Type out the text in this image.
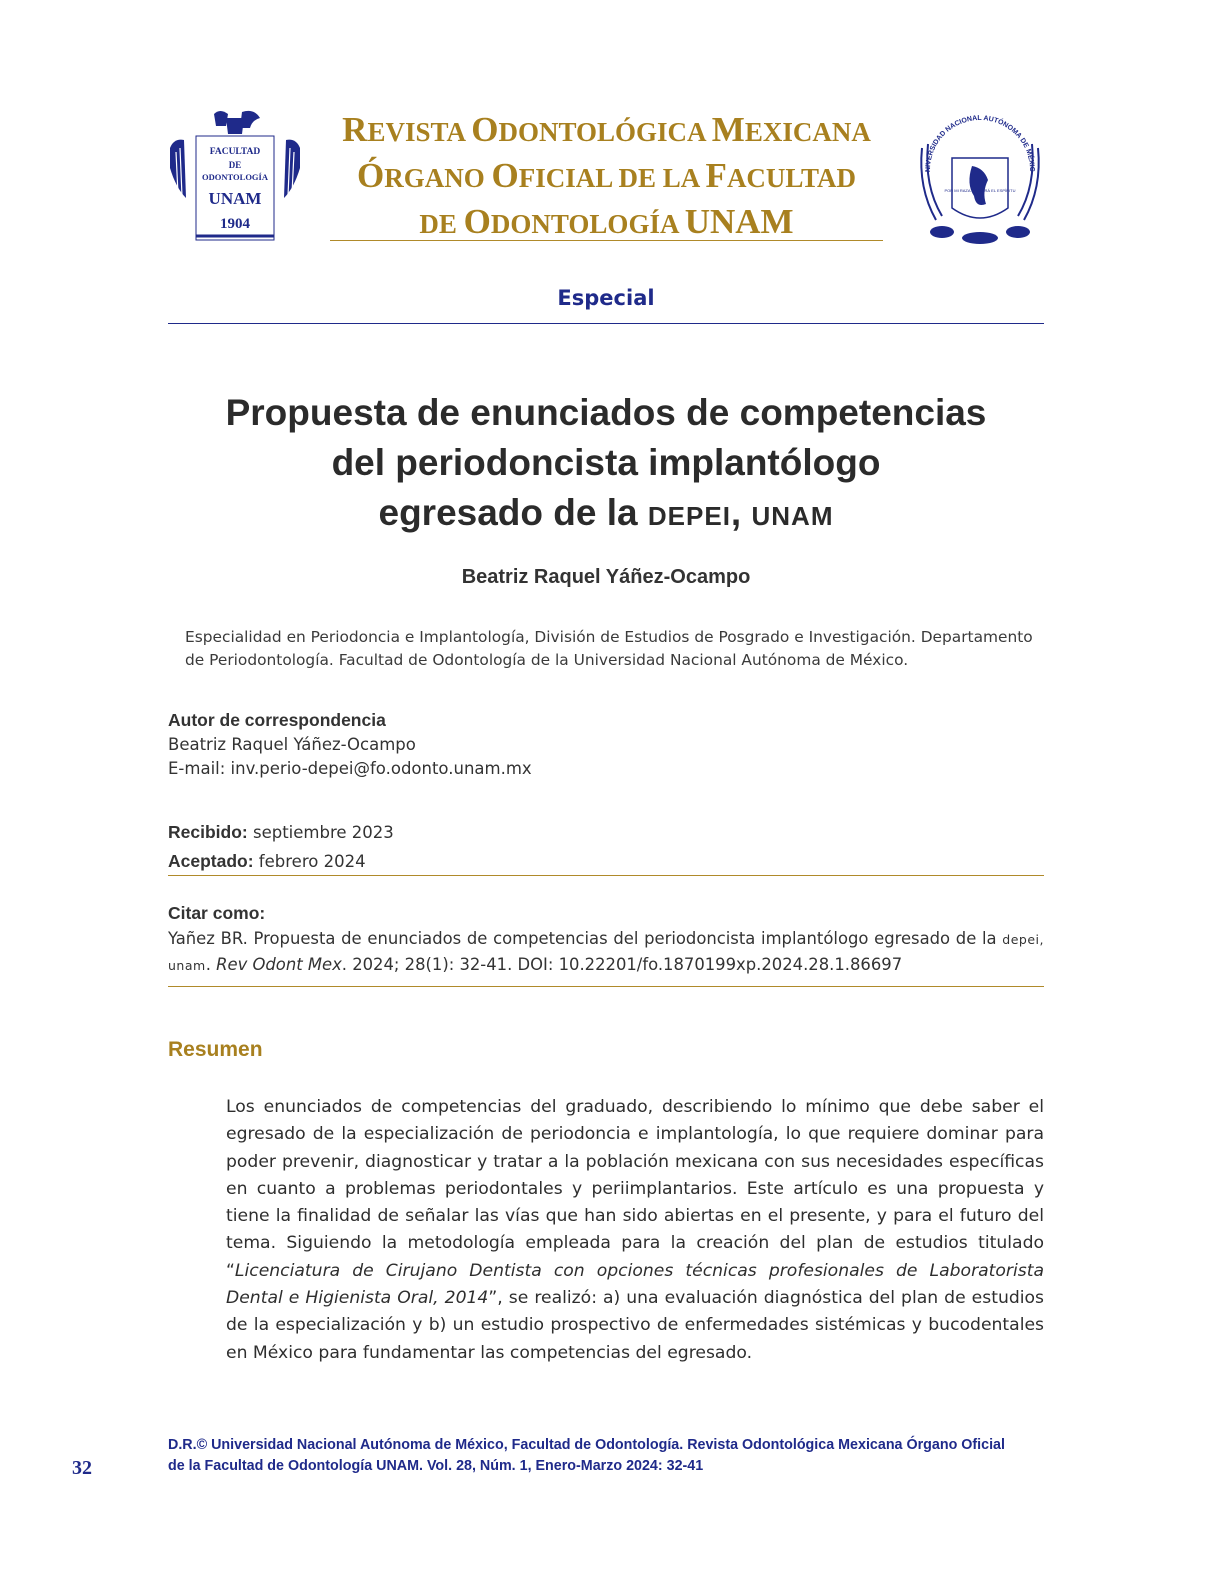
FACULTAD
DE
ODONTOLOGÍA
UNAM
1904
REVISTA ODONTOLÓGICA MEXICANA
ÓRGANO OFICIAL DE LA FACULTAD
DE ODONTOLOGÍA UNAM
NIVERSIDAD NACIONAL AUTÓNOMA DE MÉXIC
POR MI RAZA HABLARÁ EL ESPÍRITU
Especial
Propuesta de enunciados de competencias
del periodoncista implantólogo
egresado de la DEPEI, UNAM
Beatriz Raquel Yáñez-Ocampo
Especialidad en Periodoncia e Implantología, División de Estudios de Posgrado e Investigación. Departamento de Periodontología. Facultad de Odontología de la Universidad Nacional Autónoma de México.
Autor de correspondencia
Beatriz Raquel Yáñez-Ocampo
E-mail: inv.perio-depei@fo.odonto.unam.mx
Recibido: septiembre 2023
Aceptado: febrero 2024
Citar como:
Yañez BR. Propuesta de enunciados de competencias del periodoncista implantólogo egresado de la depei, unam. Rev Odont Mex. 2024; 28(1): 32-41. DOI: 10.22201/fo.1870199xp.2024.28.1.86697
Resumen
Los enunciados de competencias del graduado, describiendo lo mínimo que debe saber el egresado de la especialización de periodoncia e implantología, lo que requiere dominar para poder prevenir, diagnosticar y tratar a la población mexicana con sus necesidades específicas en cuanto a problemas periodontales y periimplantarios. Este artículo es una propuesta y tiene la finalidad de señalar las vías que han sido abiertas en el presente, y para el futuro del tema. Siguiendo la metodología empleada para la creación del plan de estudios titulado “Licenciatura de Cirujano Dentista con opciones técnicas profesionales de Laboratorista Dental e Higienista Oral, 2014”, se realizó: a) una evaluación diagnóstica del plan de estudios de la especialización y b) un estudio prospectivo de enfermedades sistémicas y bucodentales en México para fundamentar las competencias del egresado.
32
D.R.© Universidad Nacional Autónoma de México, Facultad de Odontología. Revista Odontológica Mexicana Órgano Oficial
de la Facultad de Odontología UNAM. Vol. 28, Núm. 1, Enero-Marzo 2024: 32-41
